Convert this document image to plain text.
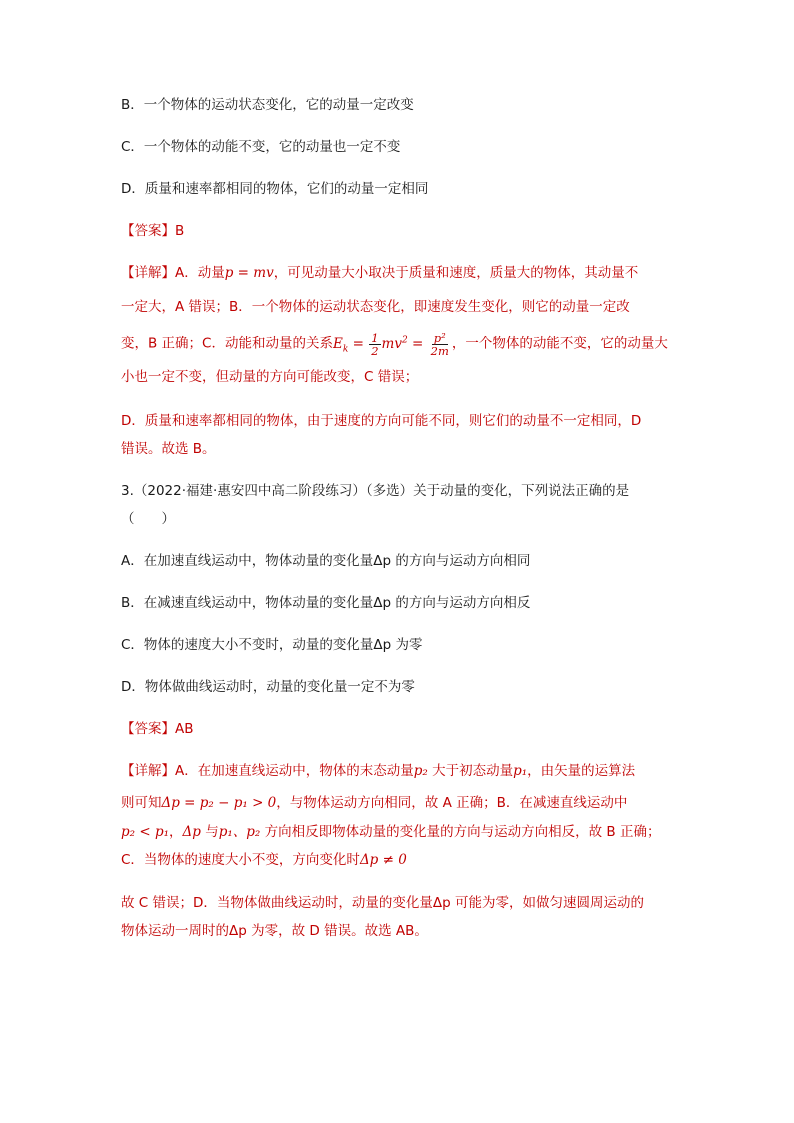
B．一个物体的运动状态变化，它的动量一定改变
C．一个物体的动能不变，它的动量也一定不变
D．质量和速率都相同的物体，它们的动量一定相同
【答案】B
【详解】A．动量p = mv，可见动量大小取决于质量和速度，质量大的物体，其动量不
一定大，A 错误；B．一个物体的运动状态变化，即速度发生变化，则它的动量一定改
变，B 正确；C．动能和动量的关系$E_k = \frac{1}{2} mv^2 = \frac{\text{p²}}{2m}$ ，一个物体的动能不变，它的动量大
小也一定不变，但动量的方向可能改变，C 错误；
D．质量和速率都相同的物体，由于速度的方向可能不同，则它们的动量不一定相同，D
错误。故选 B。
3.（2022·福建·惠安四中高二阶段练习）（多选）关于动量的变化，下列说法正确的是
（　　）
A．在加速直线运动中，物体动量的变化量Δp 的方向与运动方向相同
B．在减速直线运动中，物体动量的变化量Δp 的方向与运动方向相反
C．物体的速度大小不变时，动量的变化量Δp 为零
D．物体做曲线运动时，动量的变化量一定不为零
【答案】AB
【详解】A．在加速直线运动中，物体的末态动量p₂ 大于初态动量p₁，由矢量的运算法
则可知Δp = p₂ − p₁ > 0，与物体运动方向相同，故 A 正确；B．在减速直线运动中
p₂ < p₁，Δp 与p₁、p₂ 方向相反即物体动量的变化量的方向与运动方向相反，故 B 正确；
C．当物体的速度大小不变，方向变化时Δp ≠ 0
故 C 错误；D．当物体做曲线运动时，动量的变化量Δp 可能为零，如做匀速圆周运动的
物体运动一周时的Δp 为零，故 D 错误。故选 AB。
